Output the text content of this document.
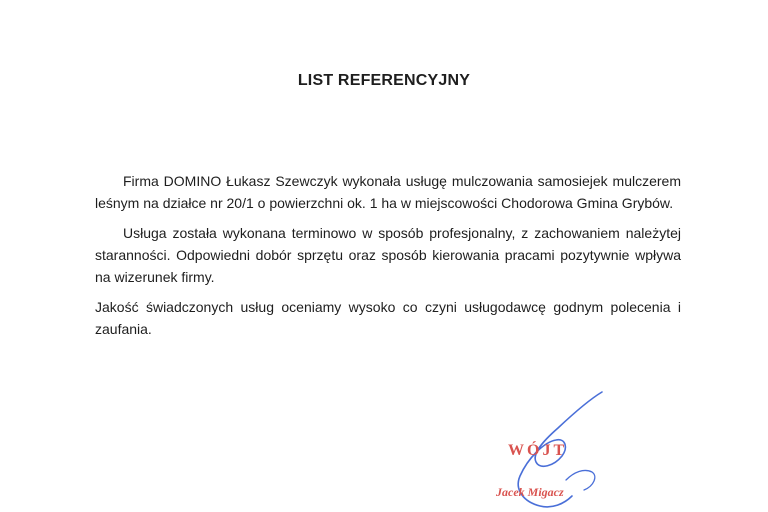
LIST REFERENCYJNY

Firma DOMINO Łukasz Szewczyk wykonała usługę mulczowania samosiejek mulczerem leśnym na działce nr 20/1 o powierzchni ok. 1 ha w miejscowości Chodorowa Gmina Grybów.

Usługa została wykonana terminowo w sposób profesjonalny, z zachowaniem należytej staranności. Odpowiedni dobór sprzętu oraz sposób kierowania pracami pozytywnie wpływa na wizerunek firmy.

Jakość świadczonych usług oceniamy wysoko co czyni usługodawcę godnym polecenia i zaufania.

WÓJT
Jacek Migacz
